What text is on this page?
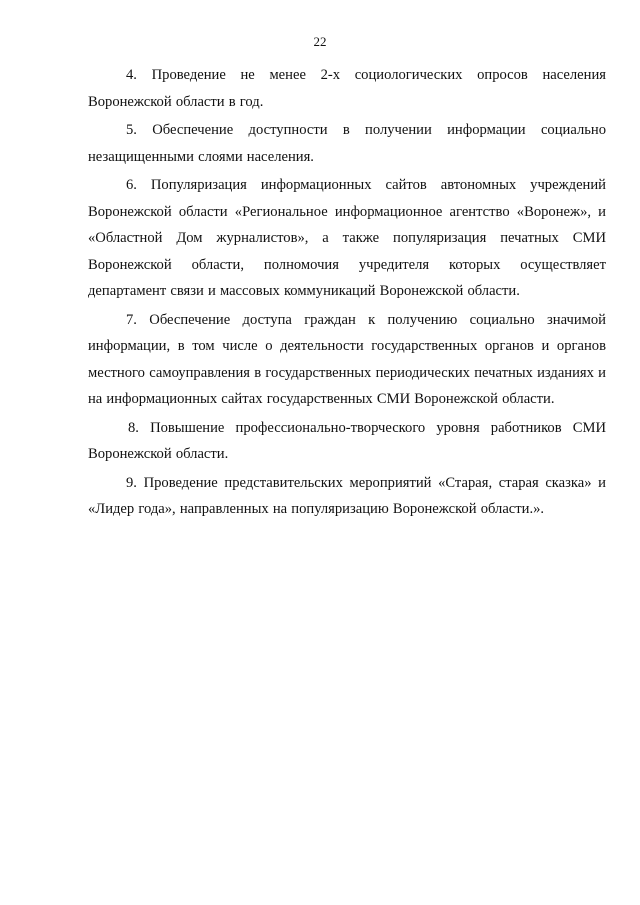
22

4. Проведение не менее 2-х социологических опросов населения Воронежской области в год.

5. Обеспечение доступности в получении информации социально незащищенными слоями населения.

6. Популяризация информационных сайтов автономных учреждений Воронежской области «Региональное информационное агентство «Воронеж», и «Областной Дом журналистов», а также популяризация печатных СМИ Воронежской области, полномочия учредителя которых осуществляет департамент связи и массовых коммуникаций Воронежской области.

7. Обеспечение доступа граждан к получению социально значимой информации, в том числе о деятельности государственных органов и органов местного самоуправления в государственных периодических печатных изданиях и на информационных сайтах государственных СМИ Воронежской области.

8. Повышение профессионально-творческого уровня работников СМИ Воронежской области.

9. Проведение представительских мероприятий «Старая, старая сказка» и «Лидер года», направленных на популяризацию Воронежской области.».
